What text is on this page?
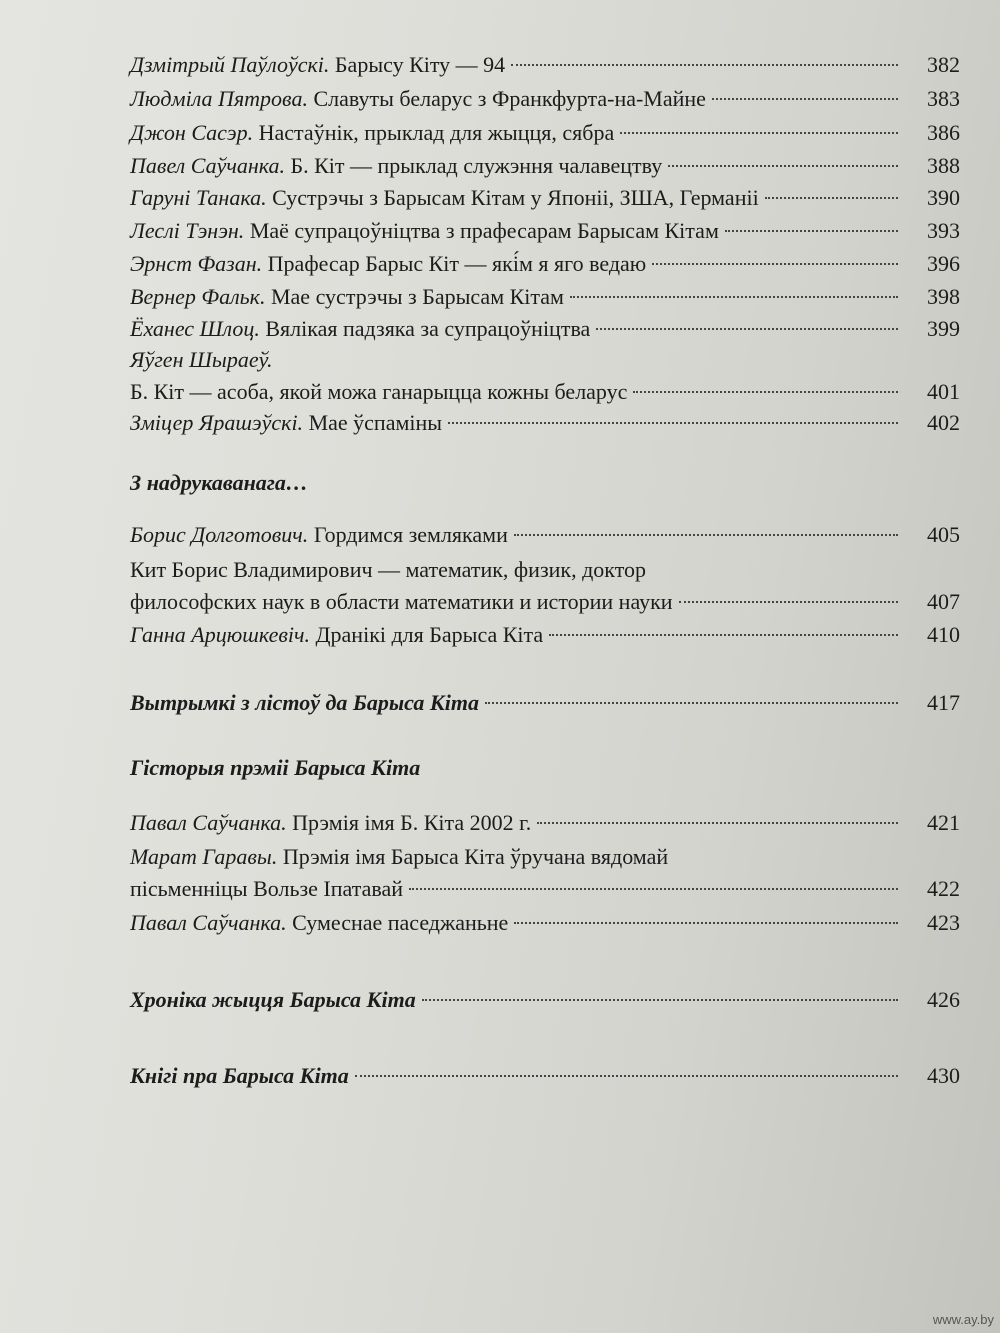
Дзмітрый Паўлоўскі.
Барысу Кіту — 94	382
Людміла Пятрова.
Славуты беларус з Франкфурта-на-Майне	383
Джон Сасэр.
Настаўнік, прыклад для жыцця, сябра	386
Павел Саўчанка.
Б. Кіт — прыклад служэння чалавецтву	388
Гаруні Танака.
Сустрэчы з Барысам Кітам у Японіі, ЗША, Германіі	390
Леслі Тэнэн.
Маё супрацоўніцтва з прафесарам Барысам Кітам	393
Эрнст Фазан.
Прафесар Барыс Кіт — які́м я яго ведаю	396
Вернер Фальк.
Мае сустрэчы з Барысам Кітам	398
Ёханес Шлоц.
Вялікая падзяка за супрацоўніцтва	399
Яўген Шыраеў.
Б. Кіт — асоба, якой можа ганарыцца кожны беларус	401
Зміцер Ярашэўскі.
Мае ўспаміны	402
З надрукаванага…
Борис Долготович.
Гордимся земляками	405
Кит Борис Владимирович — математик, физик, доктор
философских наук в области математики и истории науки	407
Ганна Арцюшкевіч.
Дранікі для Барыса Кіта	410
Вытрымкі з лістоў да Барыса Кіта	417
Гісторыя прэміі Барыса Кіта
Павал Саўчанка.
Прэмія імя Б. Кіта 2002 г.	421
Марат Гаравы.
Прэмія імя Барыса Кіта ўручана вядомай
пісьменніцы Вользе Іпатавай	422
Павал Саўчанка.
Сумеснае паседжаньне	423
Хроніка жыцця Барыса Кіта	426
Кнігі пра Барыса Кіта	430
www.ay.by
